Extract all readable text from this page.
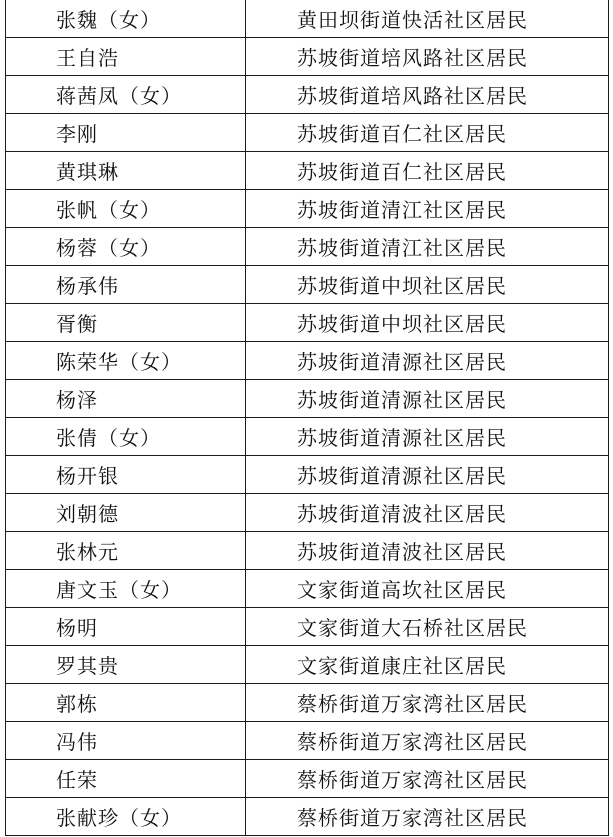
张魏（女）	黄田坝街道快活社区居民
王自浩	苏坡街道培风路社区居民
蒋茜凤（女）	苏坡街道培风路社区居民
李刚	苏坡街道百仁社区居民
黄琪琳	苏坡街道百仁社区居民
张帆（女）	苏坡街道清江社区居民
杨蓉（女）	苏坡街道清江社区居民
杨承伟	苏坡街道中坝社区居民
胥衡	苏坡街道中坝社区居民
陈荣华（女）	苏坡街道清源社区居民
杨泽	苏坡街道清源社区居民
张倩（女）	苏坡街道清源社区居民
杨开银	苏坡街道清源社区居民
刘朝德	苏坡街道清波社区居民
张林元	苏坡街道清波社区居民
唐文玉（女）	文家街道高坎社区居民
杨明	文家街道大石桥社区居民
罗其贵	文家街道康庄社区居民
郭栋	蔡桥街道万家湾社区居民
冯伟	蔡桥街道万家湾社区居民
任荣	蔡桥街道万家湾社区居民
张献珍（女）	蔡桥街道万家湾社区居民
